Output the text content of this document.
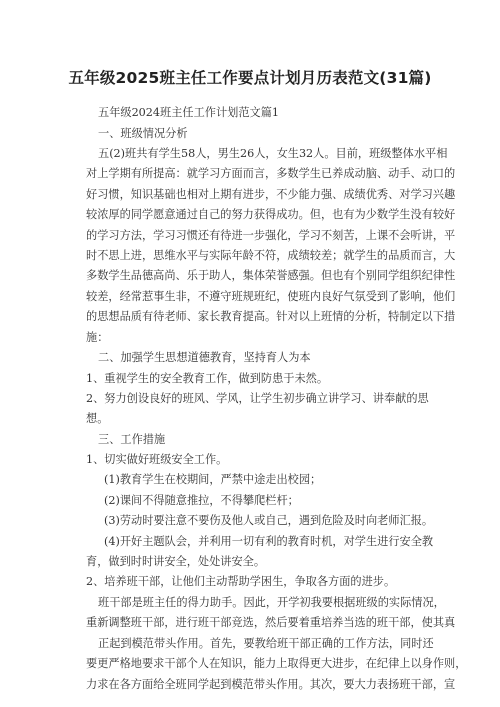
五年级2025班主任工作要点计划月历表范文(31篇)
五年级2024班主任工作计划范文篇1
一、班级情况分析
五(2)班共有学生58人，男生26人，女生32人。目前，班级整体水平相
对上学期有所提高：就学习方面而言，多数学生已养成动脑、动手、动口的
好习惯，知识基础也相对上期有进步，不少能力强、成绩优秀、对学习兴趣
较浓厚的同学愿意通过自己的努力获得成功。但，也有为少数学生没有较好
的学习方法，学习习惯还有待进一步强化，学习不刻苦，上课不会听讲，平
时不思上进，思维水平与实际年龄不符，成绩较差；就学生的品质而言，大
多数学生品德高尚、乐于助人，集体荣誉感强。但也有个别同学组织纪律性
较差，经常惹事生非，不遵守班规班纪，使班内良好气氛受到了影响，他们
的思想品质有待老师、家长教育提高。针对以上班情的分析，特制定以下措
施：
二、加强学生思想道德教育，坚持育人为本
1、重视学生的安全教育工作，做到防患于未然。
2、努力创设良好的班风、学风，让学生初步确立讲学习、讲奉献的思
想。
三、工作措施
1、切实做好班级安全工作。
(1)教育学生在校期间，严禁中途走出校园；
(2)课间不得随意推拉，不得攀爬栏杆；
(3)劳动时要注意不要伤及他人或自己，遇到危险及时向老师汇报。
(4)开好主题队会，并利用一切有利的教育时机，对学生进行安全教
育，做到时时讲安全，处处讲安全。
2、培养班干部，让他们主动帮助学困生，争取各方面的进步。
班干部是班主任的得力助手。因此，开学初我要根据班级的实际情况，
重新调整班干部，进行班干部竞选，然后要着重培养当选的班干部，使其真
正起到模范带头作用。首先，要教给班干部正确的工作方法，同时还
要更严格地要求干部个人在知识，能力上取得更大进步，在纪律上以身作则，
力求在各方面给全班同学起到模范带头作用。其次，要大力表扬班干部，宣
